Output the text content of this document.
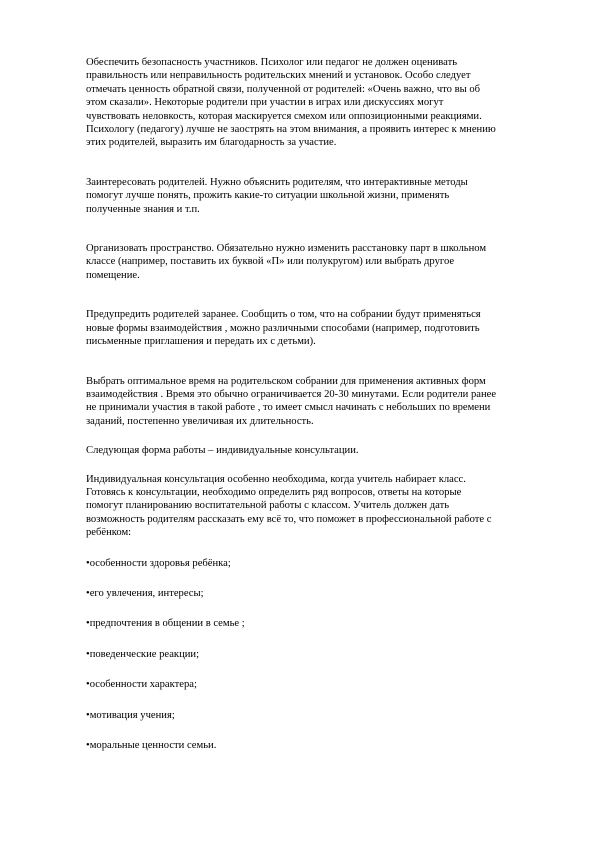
Обеспечить безопасность участников. Психолог или педагог не должен оценивать
правильность или неправильность родительских мнений и установок. Особо следует
отмечать ценность обратной связи, полученной от родителей: «Очень важно, что вы об
этом сказали». Некоторые родители при участии в играх или дискуссиях могут
чувствовать неловкость, которая маскируется смехом или оппозиционными реакциями.
Психологу (педагогу) лучше не заострять на этом внимания, а проявить интерес к мнению
этих родителей, выразить им благодарность за участие.

Заинтересовать родителей. Нужно объяснить родителям, что интерактивные методы
помогут лучше понять, прожить какие-то ситуации школьной жизни, применять
полученные знания и т.п.

Организовать пространство. Обязательно нужно изменить расстановку парт в школьном
классе (например, поставить их буквой «П» или полукругом) или выбрать другое
помещение.

Предупредить родителей заранее. Сообщить о том, что на собрании будут применяться
новые формы взаимодействия , можно различными способами (например, подготовить
письменные приглашения и передать их с детьми).

Выбрать оптимальное время на родительском собрании для применения активных форм
взаимодействия . Время это обычно ограничивается 20-30 минутами. Если родители ранее
не принимали участия в такой работе , то имеет смысл начинать с небольших по времени
заданий, постепенно увеличивая их длительность.

Следующая форма работы – индивидуальные консультации.

Индивидуальная консультация особенно необходима, когда учитель набирает класс.
Готовясь к консультации, необходимо определить ряд вопросов, ответы на которые
помогут планированию воспитательной работы с классом. Учитель должен дать
возможность родителям рассказать ему всё то, что поможет в профессиональной работе с
ребёнком:

•особенности здоровья ребёнка;

•его увлечения, интересы;

•предпочтения в общении в семье ;

•поведенческие реакции;

•особенности характера;

•мотивация учения;

•моральные ценности семьи.
